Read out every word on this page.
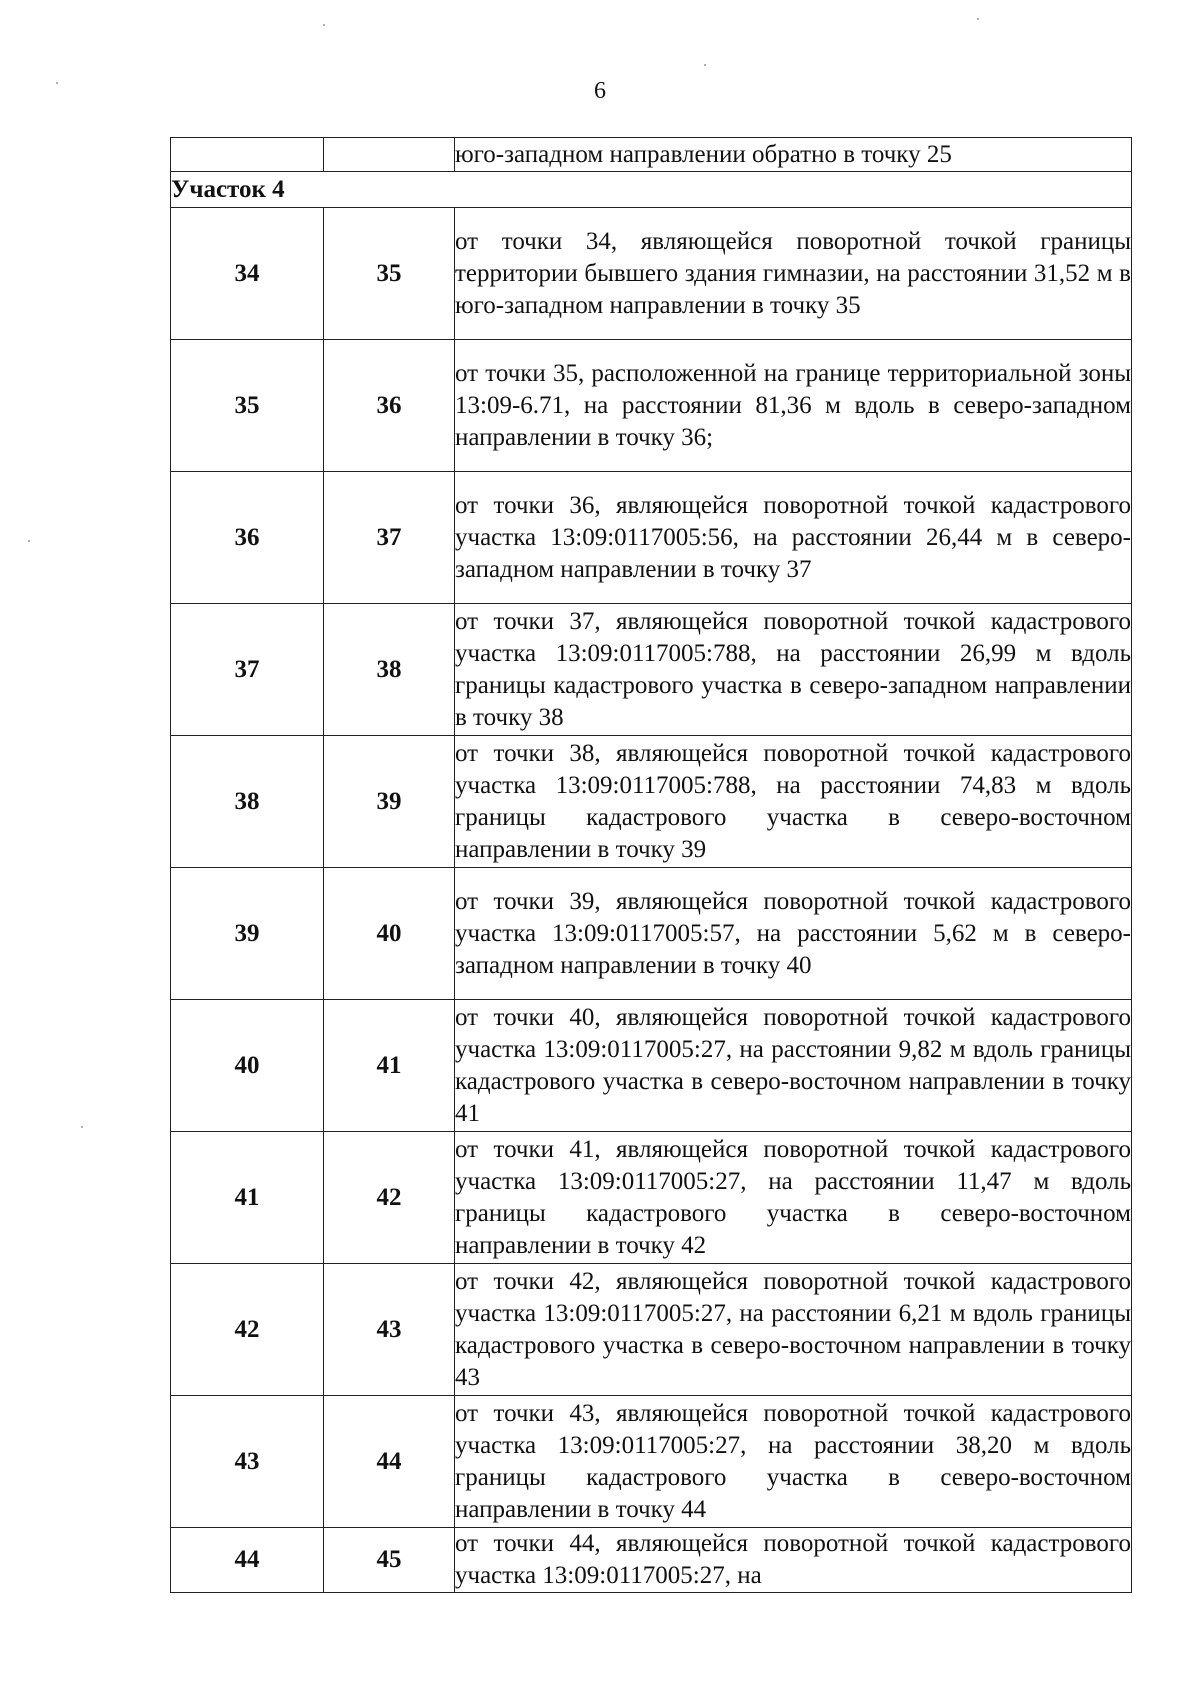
6
		юго-западном направлении обратно в точку 25
Участок 4		
34	35	от точки 34, являющейся поворотной точкой границы территории бывшего здания гимназии, на расстоянии 31,52 м в юго-западном направлении в точку 35
35	36	от точки 35, расположенной на границе территориальной зоны 13:09-6.71, на расстоянии 81,36 м вдоль в северо-западном направлении в точку 36;
36	37	от точки 36, являющейся поворотной точкой кадастрового участка 13:09:0117005:56, на расстоянии 26,44 м в северо-западном направлении в точку 37
37	38	от точки 37, являющейся поворотной точкой кадастрового участка 13:09:0117005:788, на расстоянии 26,99 м вдоль границы кадастрового участка в северо-западном направлении в точку 38
38	39	от точки 38, являющейся поворотной точкой кадастрового участка 13:09:0117005:788, на расстоянии 74,83 м вдоль границы кадастрового участка в северо-восточном направлении в точку 39
39	40	от точки 39, являющейся поворотной точкой кадастрового участка 13:09:0117005:57, на расстоянии 5,62 м в северо-западном направлении в точку 40
40	41	от точки 40, являющейся поворотной точкой кадастрового участка 13:09:0117005:27, на расстоянии 9,82 м вдоль границы кадастрового участка в северо-восточном направлении в точку 41
41	42	от точки 41, являющейся поворотной точкой кадастрового участка 13:09:0117005:27, на расстоянии 11,47 м вдоль границы кадастрового участка в северо-восточном направлении в точку 42
42	43	от точки 42, являющейся поворотной точкой кадастрового участка 13:09:0117005:27, на расстоянии 6,21 м вдоль границы кадастрового участка в северо-восточном направлении в точку 43
43	44	от точки 43, являющейся поворотной точкой кадастрового участка 13:09:0117005:27, на расстоянии 38,20 м вдоль границы кадастрового участка в северо-восточном направлении в точку 44
44	45	от точки 44, являющейся поворотной точкой кадастрового участка 13:09:0117005:27, на
